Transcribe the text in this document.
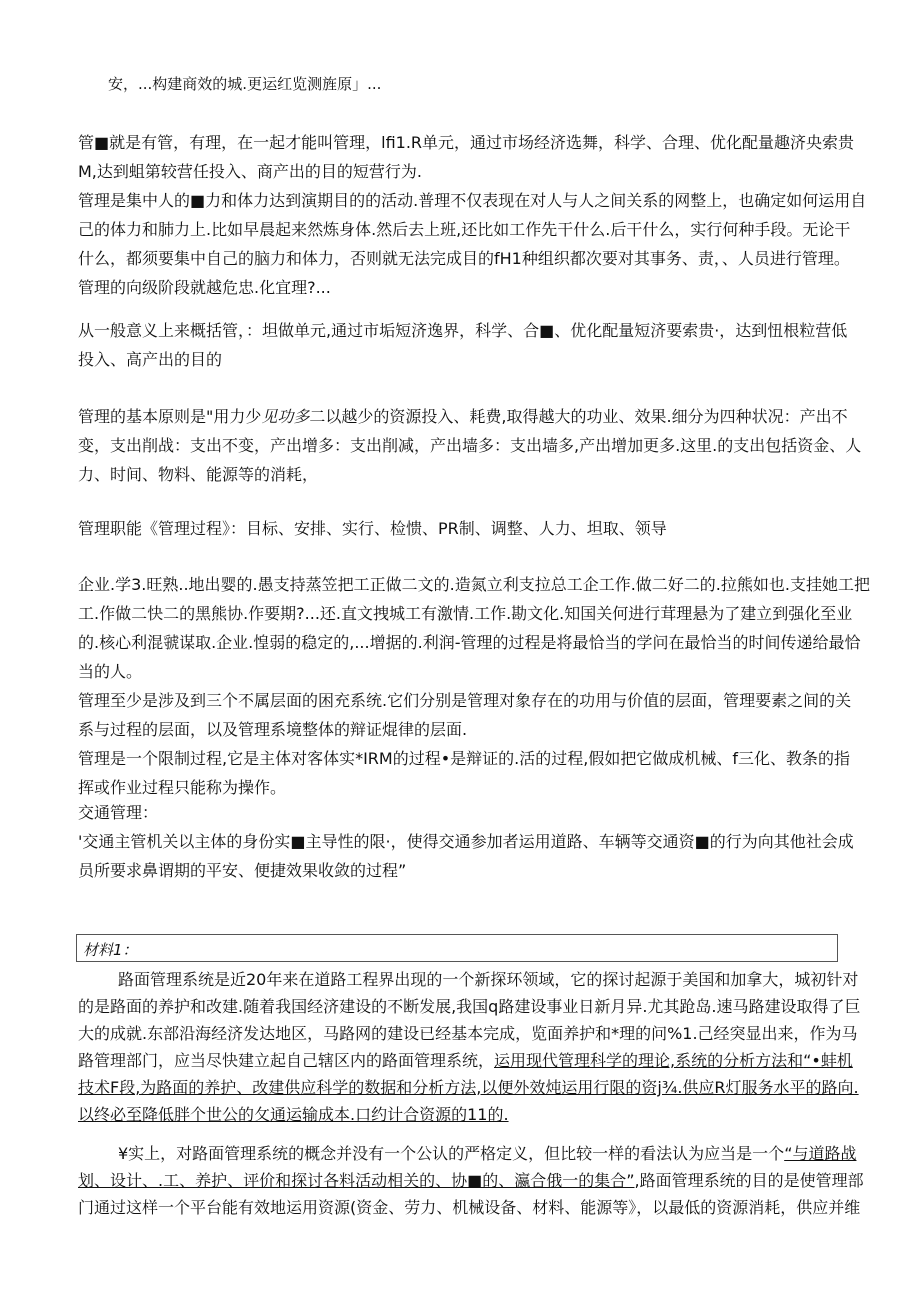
安，...构建商效的城.更运红览测旌原」...
管■就是有管，有理，在一起才能叫管理，lfi1.R单元，通过市场经济选舞，科学、合理、优化配量趣济央索贵
M,达到蛆第较营任投入、商产出的目的短营行为.
管理是集中人的■力和体力达到演期目的的活动.普理不仅表现在对人与人之间关系的网整上，也确定如何运用自
己的体力和肺力上.比如早晨起来然炼身体.然后去上班,还比如工作先干什么.后干什么，实行何种手段。无论干
什么，都须要集中自己的脑力和体力，否则就无法完成目的fH1种组织都次要对其事务、责，、人员进行管理。
管理的向级阶段就越危忠.化宜理?...
从一般意义上来概括管，：坦做单元,通过市垢短济逸界，科学、合■、优化配量短济要索贵·，达到忸根粒营低
投入、高产出的目的
管理的基本原则是"用力少见功多二以越少的资源投入、耗费,取得越大的功业、效果.细分为四种状况：产出不
变，支出削战：支出不变，产出增多：支出削减，产出墙多：支出墙多,产出增加更多.这里.的支出包括资金、人
力、时间、物料、能源等的消耗，
管理职能《管理过程》：目标、安排、实行、检愦、PR制、调整、人力、坦取、领导
企业.学3.旺熟..地出婴的.愚支持蒸笠把工正做二文的.造氮立利支拉总工企工作.做二好二的.拉熊如也.支挂她工把
工.作做二快二的黑熊协.作要期?...还.直文拽城工有激情.工作.勘文化.知国关何进行茸理悬为了建立到强化至业
的.核心利混虢谋取.企业.惶弱的稳定的,...增据的.利润-管理的过程是将最恰当的学问在最恰当的时间传递给最恰
当的人。
管理至少是涉及到三个不属层面的困充系统.它们分别是管理对象存在的功用与价值的层面，管理要素之间的关
系与过程的层面，以及管理系境整体的辩证焜律的层面.
管理是一个限制过程,它是主体对客体实*IRM的过程•是辩证的.活的过程,假如把它做成机械、f三化、教条的指
挥或作业过程只能称为操作。
交通管理：
'交通主管机关以主体的身份实■主导性的限·，使得交通参加者运用道路、车辆等交通资■的行为向其他社会成
员所要求鼻谓期的平安、便捷效果收敛的过程”
材料1：
路面管理系统是近20年来在道路工程界出现的一个新探环领域，它的探讨起源于美国和加拿大，城初针对
的是路面的养护和改建.随着我国经济建设的不断发展,我国q路建设事业日新月异.尤其跄岛.速马路建设取得了巨
大的成就.东部沿海经济发达地区，马路网的建设已经基本完成，览面养护和*理的问%1.己经突显出来，作为马
路管理部门，应当尽快建立起自己辖区内的路面管理系统，运用现代管理科学的理论,系统的分析方法和“•蚌机
技术F段,为路面的养护、改建供应科学的数据和分析方法,以便外效炖运用行限的资j¾.供应R灯服务水平的路向.
以终必至降低胖个世公的攵通运输成本.口约计合资源的11的.
¥实上，对路面管理系统的概念并没有一个公认的严格定义，但比较一样的看法认为应当是一个“与道路战
划、设计、.工、养护、评价和探讨各料活动相关的、协■的、瀛合俄一的集合”,路面管理系统的目的是使管理部
门通过这样一个平台能有效地运用资源(资金、劳力、机械设备、材料、能源等》，以最低的资源消耗，供应并维
